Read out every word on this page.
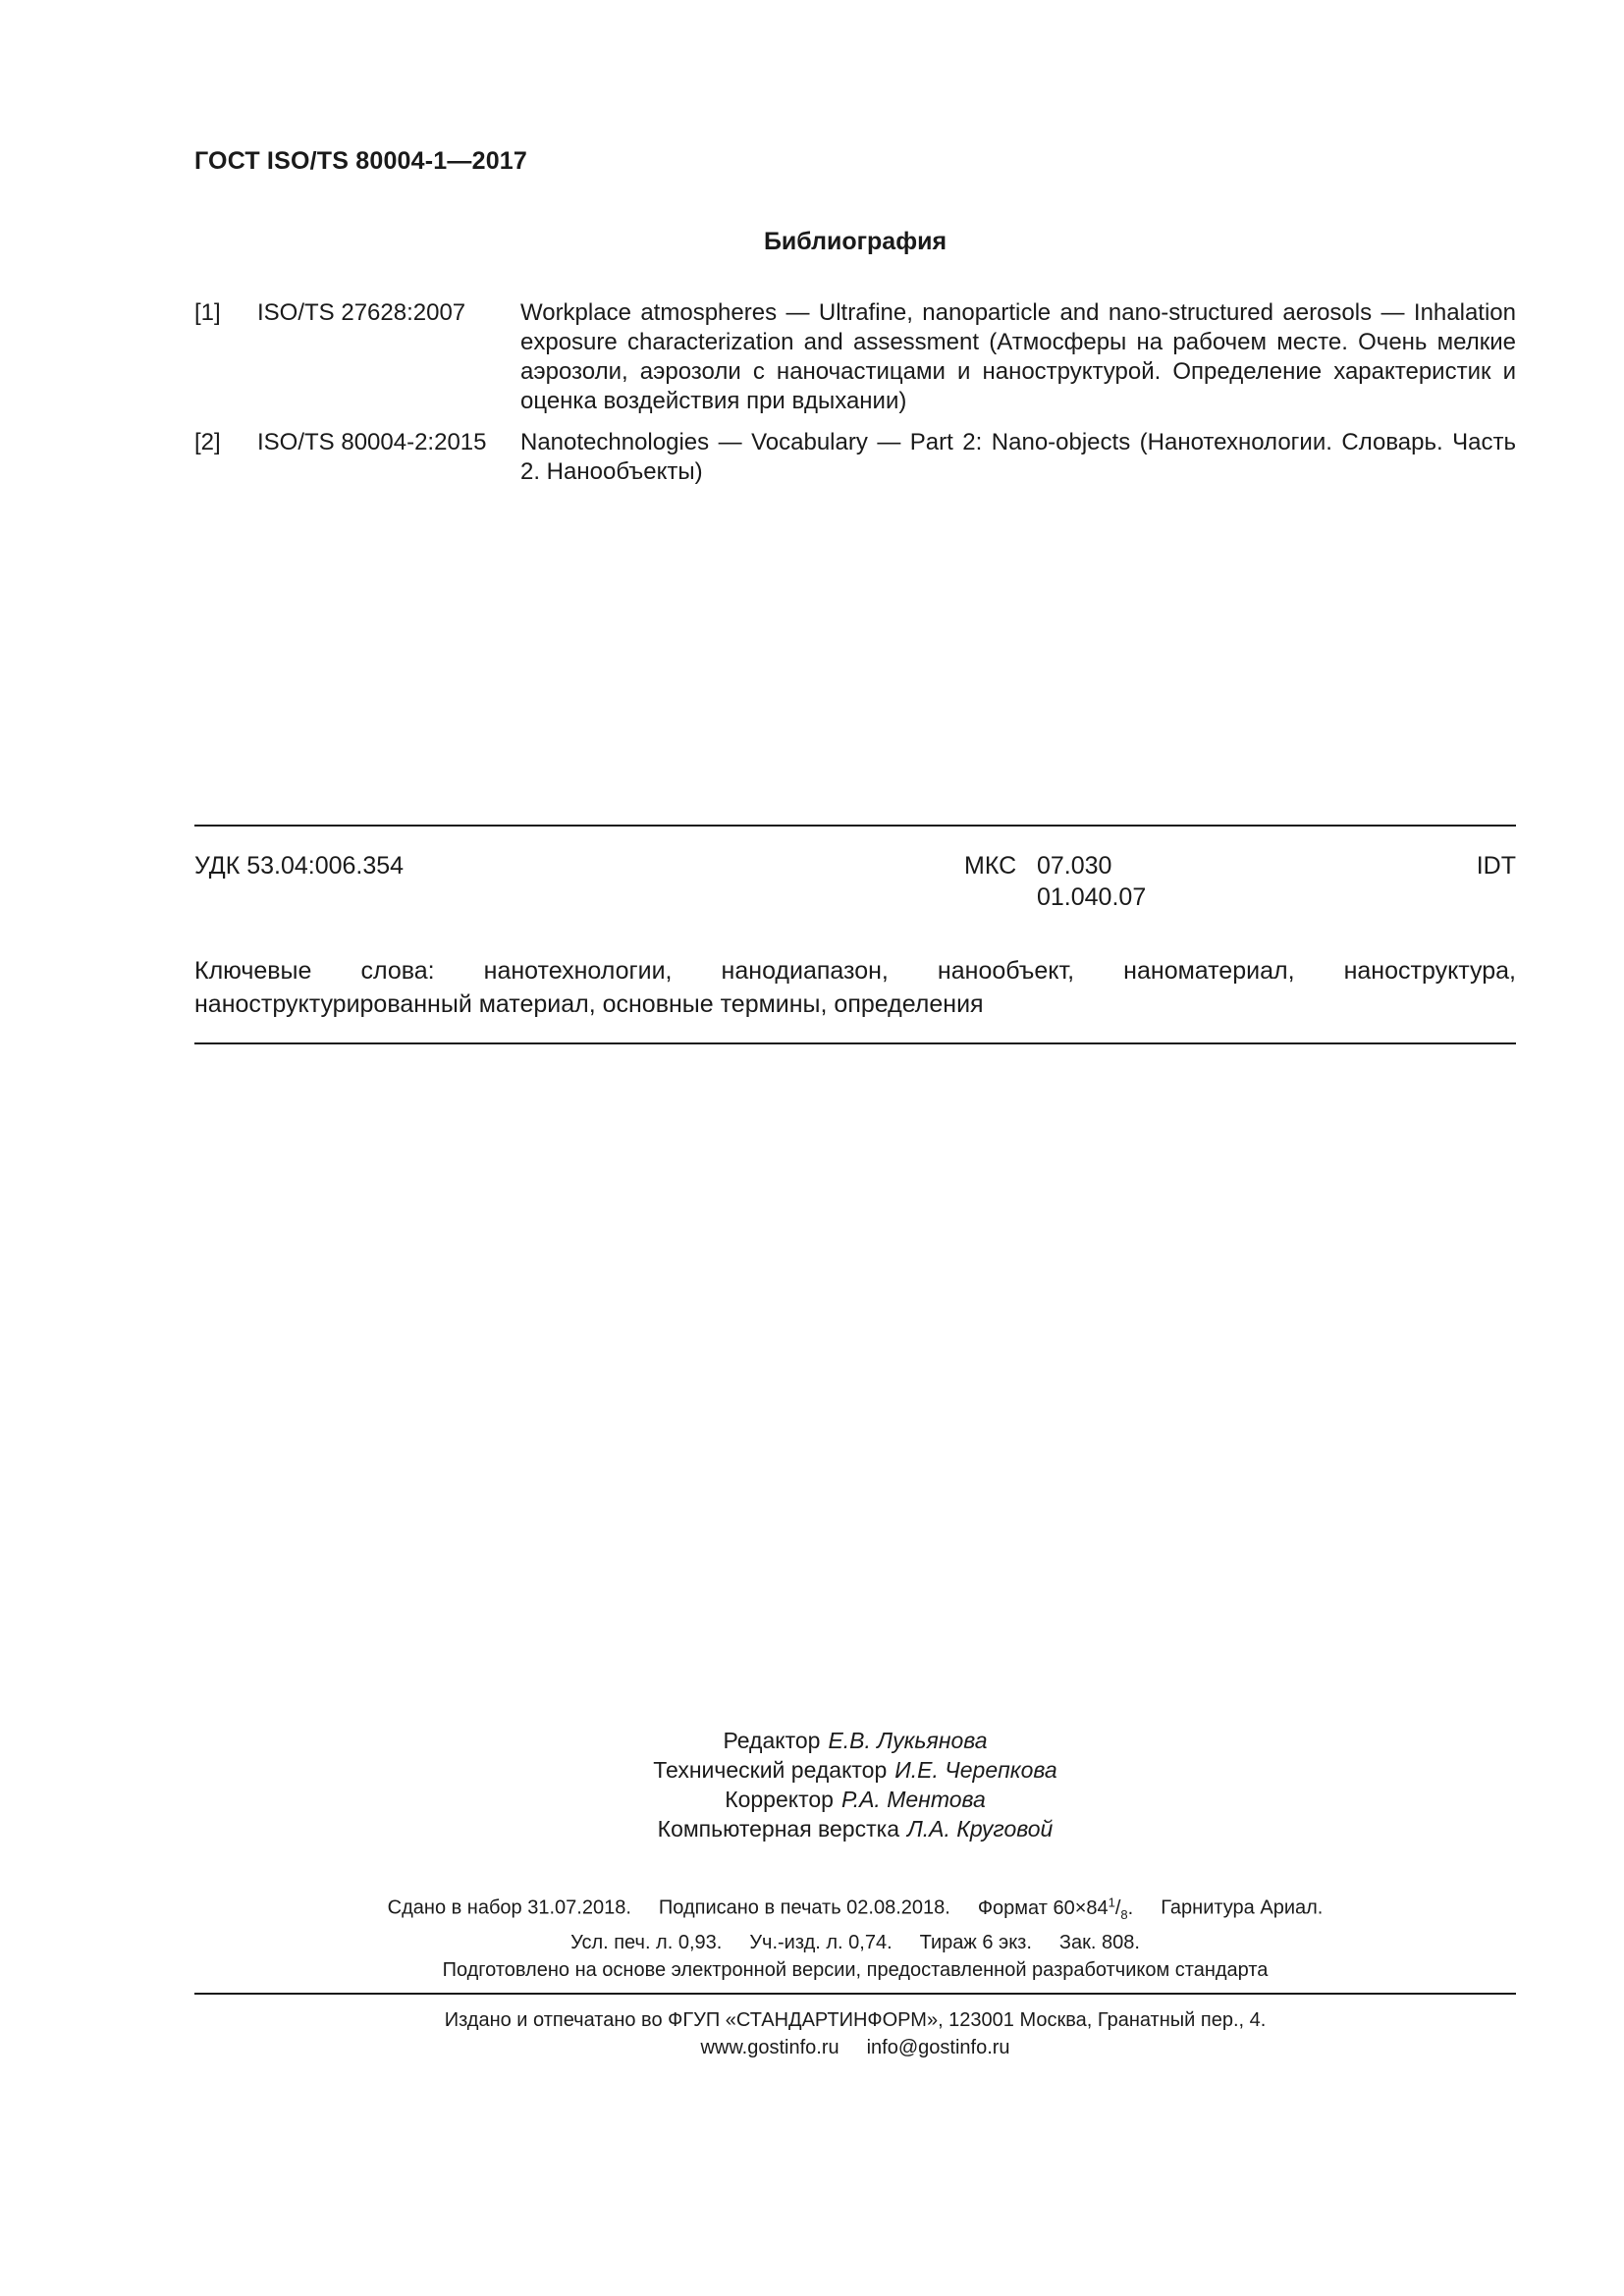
ГОСТ ISO/TS 80004-1—2017
Библиография
[1] ISO/TS 27628:2007 Workplace atmospheres — Ultrafine, nanoparticle and nano-structured aerosols — Inhalation exposure characterization and assessment (Атмосферы на рабочем месте. Очень мелкие аэрозоли, аэрозоли с наночастицами и наноструктурой. Определение характеристик и оценка воздействия при вдыхании)
[2] ISO/TS 80004-2:2015 Nanotechnologies — Vocabulary — Part 2: Nano-objects (Нанотехнологии. Словарь. Часть 2. Нанообъекты)
УДК 53.04:006.354	МКС 07.030
01.040.07
IDT
Ключевые слова: нанотехнологии, нанодиапазон, нанообъект, наноматериал, наноструктура, наноструктурированный материал, основные термины, определения
Редактор Е.В. Лукьянова
Технический редактор И.Е. Черепкова
Корректор Р.А. Ментова
Компьютерная верстка Л.А. Круговой
Сдано в набор 31.07.2018. Подписано в печать 02.08.2018. Формат $60\times 84^1/_8$. Гарнитура Ариал.
Усл. печ. л. 0,93. Уч.-изд. л. 0,74. Тираж 6 экз. Зак. 808.
Подготовлено на основе электронной версии, предоставленной разработчиком стандарта
Издано и отпечатано во ФГУП «СТАНДАРТИНФОРМ», 123001 Москва, Гранатный пер., 4.
www.gostinfo.ru info@gostinfo.ru
